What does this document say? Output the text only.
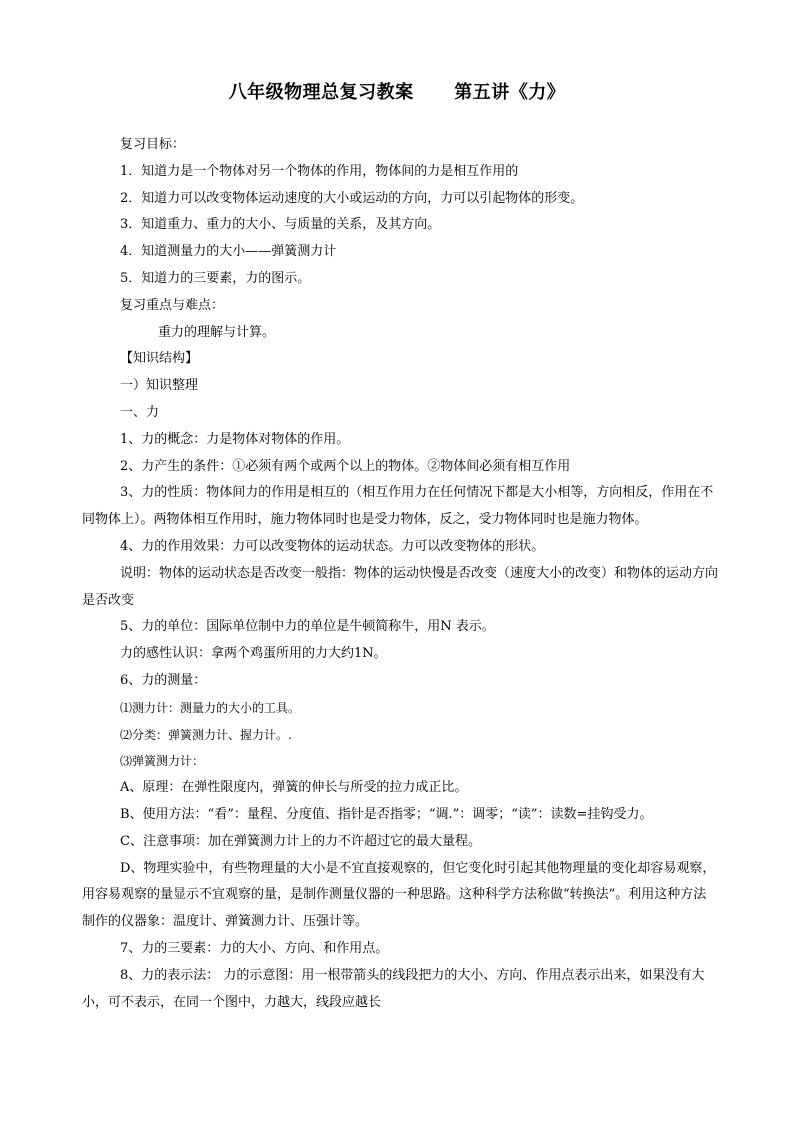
八年级物理总复习教案      第五讲《力》

复习目标：

1．知道力是一个物体对另一个物体的作用，物体间的力是相互作用的

2．知道力可以改变物体运动速度的大小或运动的方向，力可以引起物体的形变。

3．知道重力、重力的大小、与质量的关系，及其方向。

4．知道测量力的大小——弹簧测力计

5．知道力的三要素，力的图示。

复习重点与难点：

重力的理解与计算。

【知识结构】

一）知识整理

一、力

1、力的概念：力是物体对物体的作用。

2、力产生的条件：①必须有两个或两个以上的物体。②物体间必须有相互作用

3、力的性质：物体间力的作用是相互的（相互作用力在任何情况下都是大小相等，方向相反，作用在不同物体上）。两物体相互作用时，施力物体同时也是受力物体，反之，受力物体同时也是施力物体。

4、力的作用效果：力可以改变物体的运动状态。力可以改变物体的形状。

说明：物体的运动状态是否改变一般指：物体的运动快慢是否改变（速度大小的改变）和物体的运动方向是否改变

5、力的单位：国际单位制中力的单位是牛顿简称牛，用N 表示。

力的感性认识：拿两个鸡蛋所用的力大约1N。

6、力的测量：

⑴测力计：测量力的大小的工具。

⑵分类：弹簧测力计、握力计。.

⑶弹簧测力计：

A、原理：在弹性限度内，弹簧的伸长与所受的拉力成正比。

B、使用方法：“看”：量程、分度值、指针是否指零；“调.”：调零；“读”：读数=挂钩受力。

C、注意事项：加在弹簧测力计上的力不许超过它的最大量程。

D、物理实验中，有些物理量的大小是不宜直接观察的，但它变化时引起其他物理量的变化却容易观察，用容易观察的量显示不宜观察的量，是制作测量仪器的一种思路。这种科学方法称做“转换法”。利用这种方法制作的仪器象：温度计、弹簧测力计、压强计等。

7、力的三要素：力的大小、方向、和作用点。

8、力的表示法： 力的示意图：用一根带箭头的线段把力的大小、方向、作用点表示出来，如果没有大小，可不表示，在同一个图中，力越大，线段应越长
